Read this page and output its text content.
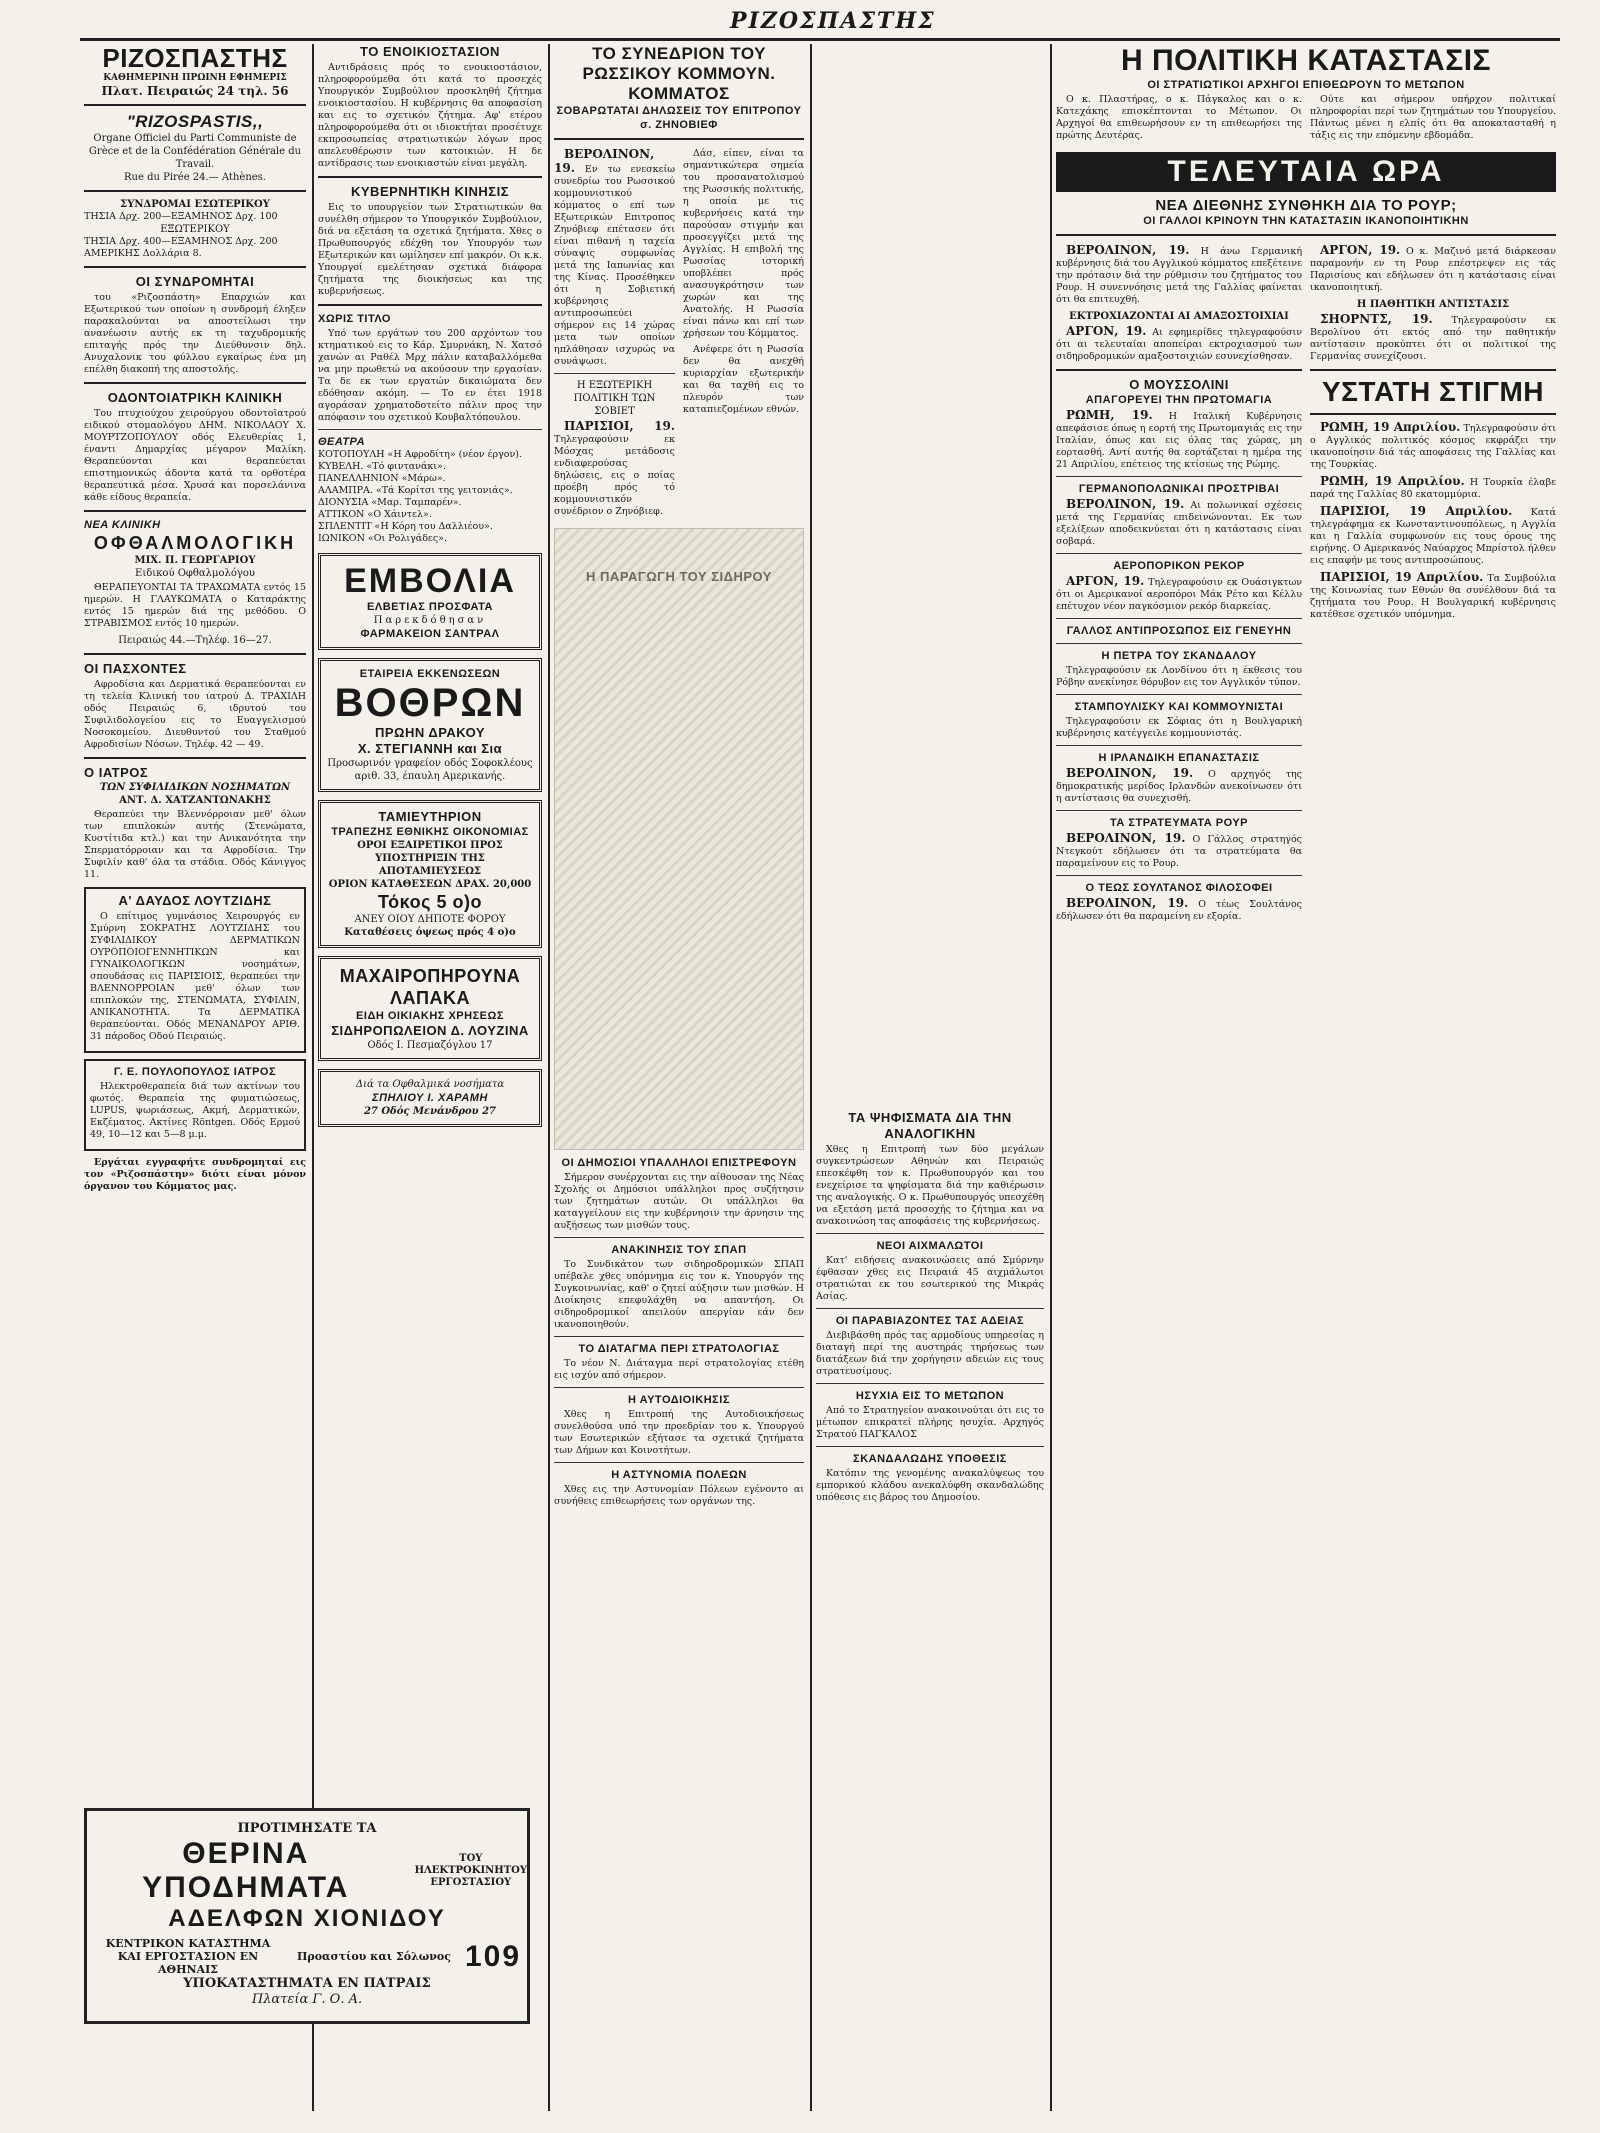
ΡΙΖΟΣΠΑΣΤΗΣ
ΡΙΖΟΣΠΑΣΤΗΣ
ΚΑΘΗΜΕΡΙΝΗ ΠΡΩΙΝΗ ΕΦΗΜΕΡΙΣ
Πλατ. Πειραιώς 24 τηλ. 56
"RIZOSPASTIS,,
Organe Officiel du Parti Communiste de Grèce et de la Confédération Générale du Travail.
Rue du Pirée 24.— Athènes.
ΣΥΝΔΡΟΜΑΙ ΕΣΩΤΕΡΙΚΟΥ
ΤΗΣΙΑ Δρχ. 200—ΕΞΑΜΗΝΟΣ Δρχ. 100
ΕΞΩΤΕΡΙΚΟΥ
ΤΗΣΙΑ Δρχ. 400—ΕΞΑΜΗΝΟΣ Δρχ. 200
ΑΜΕΡΙΚΗΣ Δολλάρια 8.
ΟΙ ΣΥΝΔΡΟΜΗΤΑΙ
του «Ριζοσπάστη» Επαρχιών και Εξωτερικού των οποίων η συνδρομή έληξεν παρακαλούνται να αποστείλωσι την ανανέωσιν αυτής εκ τη ταχυδρομικής επιταγής πρός την Διεύθυνσιν δηλ. Ανυχαλονικ του φύλλου εγκαίρως ένα μη επέλθη διακοπή της αποστολής.
ΟΔΟΝΤΟΙΑΤΡΙΚΗ ΚΛΙΝΙΚΗ
Του πτυχιούχου χειρούργου οδοντοϊατρού ειδικού στομαολόγου ΔΗΜ. ΝΙΚΟΛΑΟΥ Χ. ΜΟΥΡΤΖΟΠΟΥΛΟΥ οδός Ελευθερίας 1, έναντι Δημαρχίας μέγαρον Μαλίκη. Θεραπεύονται και θεραπεύεται επιστημονικώς άδοντα κατά τα ορθοτέρα θεραπευτικά μέσα. Χρυσά και πορσελάνινα κάθε είδους θεραπεία.
ΝΕΑ ΚΛΙΝΙΚΗ
ΟΦΘΑΛΜΟΛΟΓΙΚΗ
ΜΙΧ. Π. ΓΕΩΡΓΑΡΙΟΥ
Ειδικού Οφθαλμολόγου
ΘΕΡΑΠΕΥΟΝΤΑΙ ΤΑ ΤΡΑΧΩΜΑΤΑ εντός 15 ημερών. Η ΓΛΑΥΚΩΜΑΤΑ ο Καταράκτης εντός 15 ημερών διά της μεθόδου. Ο ΣΤΡΑΒΙΣΜΟΣ εντός 10 ημερών.
Πειραιώς 44.—Τηλέφ. 16—27.
ΟΙ ΠΑΣΧΟΝΤΕΣ
Αφροδίσια και Δερματικά θεραπεύονται εν τη τελεία Κλινική του ιατρού Δ. ΤΡΑΧΙΛΗ οδός Πειραιώς 6, ιδρυτού του Συφιλιδολογείου εις το Ευαγγελισμού Νοσοκομείου. Διευθυντού του Σταθμού Αφροδισίων Νόσων. Τηλέφ. 42 — 49.
Ο ΙΑΤΡΟΣ
ΤΩΝ ΣΥΦΙΛΙΔΙΚΩΝ ΝΟΣΗΜΑΤΩΝ
ΑΝΤ. Δ. ΧΑΤΖΑΝΤΩΝΑΚΗΣ
Θεραπεύει την Βλεννόρροιαν μεθ' όλων των επιπλοκών αυτής (Στενώματα, Κυστίτιδα κτλ.) και την Ανικανότητα την Σπερματόρροιαν και τα Αφροδίσια. Την Συφιλίν καθ' όλα τα στάδια. Οδός Κάνιγγος 11.
Α' ΔΑΥΔΟΣ ΛΟΥΤΖΙΔΗΣ
Ο επίτιμος γυμνάσιος Χειρουργός εν Σμύρνη ΣΟΚΡΑΤΗΣ ΛΟΥΤΖΙΔΗΣ του ΣΥΦΙΛΙΔΙΚΟΥ ΔΕΡΜΑΤΙΚΩΝ ΟΥΡΟΠΟΙΟΓΕΝΝΗΤΙΚΩΝ και ΓΥΝΑΙΚΟΛΟΓΙΚΩΝ νοσημάτων, σπουδάσας εις ΠΑΡΙΣΙΟΙΣ, θεραπεύει την ΒΛΕΝΝΟΡΡΟΙΑΝ μεθ' όλων των επιπλοκών της, ΣΤΕΝΩΜΑΤΑ, ΣΥΦΙΛΙΝ, ΑΝΙΚΑΝΟΤΗΤΑ. Τα ΔΕΡΜΑΤΙΚΑ θεραπεύονται. Οδός ΜΕΝΑΝΔΡΟΥ ΑΡΙΘ. 31 πάροδος Οδού Πειραιώς.
Γ. Ε. ΠΟΥΛΟΠΟΥΛΟΣ ΙΑΤΡΟΣ
Ηλεκτροθεραπεία διά των ακτίνων του φωτός. Θεραπεία της φυματιώσεως, LUPUS, ψωριάσεως, Ακμή, Δερματικών, Εκζέματος. Ακτίνες Röntgen. Οδός Ερμού 49, 10—12 και 5—8 μ.μ.
Εργάται εγγραφήτε συνδρομηταί εις τον «Ριζοσπάστην» διότι είναι μόνον όργανον του Κόμματος μας.
ΤΟ ΕΝΟΙΚΙΟΣΤΑΣΙΟΝ
Αντιδράσεις πρός το ενοικιοστάσιον, πληροφορούμεθα ότι κατά το προσεχές Υπουργικόν Συμβούλιον προσκληθή ζήτημα ενοικιοστασίου. Η κυβέρνησις θα αποφασίση και εις το σχετικόν ζήτημα. Αφ' ετέρου πληροφορούμεθα ότι οι ιδιοκτήται προσέτυχε εκπροσωπείας στρατιωτικών λόγων προς απελευθέρωσιν των κατοικιών. Η δε αντίδρασις των ενοικιαστών είναι μεγάλη.
ΚΥΒΕΡΝΗΤΙΚΗ ΚΙΝΗΣΙΣ
Εις το υπουργείον των Στρατιωτικών θα συνέλθη σήμερον το Υπουργικόν Συμβούλιον, διά να εξετάση τα σχετικά ζητήματα. Χθες ο Πρωθυπουργός εδέχθη τον Υπουργόν των Εξωτερικών και ωμίλησεν επί μακρόν. Οι κ.κ. Υπουργοί εμελέτησαν σχετικά διάφορα ζητήματα της διοικήσεως και της κυβερνήσεως.
ΧΩΡΙΣ ΤΙΤΛΟ
Υπό των εργάτων του 200 αρχόντων του κτηματικού εις το Κάρ. Σμυρνάκη, Ν. Χατσό χανών αι Ραθέλ Μρχ πάλιν καταβαλλόμεθα να μην πρωθετώ να ακούσουν την εργασίαν. Τα δε εκ των εργατών δικαιώματα δεν εδόθησαν ακόμη. — Το εν έτει 1918 αγοράσαν χρηματοδοτείτο πάλιν προς την απόφασιν του σχετικού Κουβαλτόπουλου.
ΘΕΑΤΡΑ
ΚΟΤΟΠΟΥΛΗ «Η Αφροδίτη» (νέον έργον).
ΚΥΒΕΛΗ. «Τό φιντανάκι».
ΠΑΝΕΛΛΗΝΙΟΝ «Μάρω».
ΑΛΑΜΠΡΑ. «Τά Κορίτσι της γειτονιάς».
ΔΙΟΝΥΣΙΑ «Μαρ. Ταμπαρέν».
ΑΤΤΙΚΟΝ «Ο Χάιντελ».
ΣΠΛΕΝΤΙΤ «Η Κόρη του Δαλλιέου».
ΙΩΝΙΚΟΝ «Οι Ρολιγάδες».
ΕΜΒΟΛΙΑ
ΕΛΒΕΤΙΑΣ ΠΡΟΣΦΑΤΑ
Παρεκδόθησαν
ΦΑΡΜΑΚΕΙΟΝ ΣΑΝΤΡΑΛ
ΕΤΑΙΡΕΙΑ ΕΚΚΕΝΩΣΕΩΝ
ΒΟΘΡΩΝ
ΠΡΩΗΝ ΔΡΑΚΟΥ
Χ. ΣΤΕΓΙΑΝΝΗ και Σια
Προσωρινόν γραφείον οδός Σοφοκλέους αριθ. 33, έπαυλη Αμερικανής.
ΤΑΜΙΕΥΤΗΡΙΟΝ
ΤΡΑΠΕΖΗΣ ΕΘΝΙΚΗΣ ΟΙΚΟΝΟΜΙΑΣ
ΟΡΟΙ ΕΞΑΙΡΕΤΙΚΟΙ ΠΡΟΣ ΥΠΟΣΤΗΡΙΞΙΝ ΤΗΣ ΑΠΟΤΑΜΙΕΥΣΕΩΣ
ΟΡΙΟΝ ΚΑΤΑΘΕΣΕΩΝ ΔΡΑΧ. 20,000
Τόκος 5 ο)ο
ΑΝΕΥ ΟΙΟΥ ΔΗΠΟΤΕ ΦΟΡΟΥ
Καταθέσεις όψεως πρός 4 ο)ο
ΜΑΧΑΙΡΟΠΗΡΟΥΝΑ ΛΑΠΑΚΑ
ΕΙΔΗ ΟΙΚΙΑΚΗΣ ΧΡΗΣΕΩΣ
ΣΙΔΗΡΟΠΩΛΕΙΟΝ Δ. ΛΟΥΖΙΝΑ
Οδός Ι. Πεσμαζόγλου 17
Διά τα Οφθαλμικά νοσήματα
ΣΠΗΛΙΟΥ Ι. ΧΑΡΑΜΗ
27 Οδός Μενάνδρου 27
ΤΟ ΣΥΝΕΔΡΙΟΝ ΤΟΥ ΡΩΣΣΙΚΟΥ ΚΟΜΜΟΥΝ. ΚΟΜΜΑΤΟΣ
ΣΟΒΑΡΩΤΑΤΑΙ ΔΗΛΩΣΕΙΣ ΤΟΥ ΕΠΙΤΡΟΠΟΥ σ. ΖΗΝΟΒΙΕΦ
ΒΕΡΟΛΙΝΟΝ, 19. Εν τω ενεσκείω συνεδρίω του Ρωσσικού κομμουνιστικού κόμματος ο επί των Εξωτερικών Επιτροπος Ζηνόβιεφ επέτασεν ότι είναι πιθανή η ταχεία σύναψις συμφωνίας μετά της Ιαπωνίας και της Κίνας. Προσέθηκεν ότι η Σοβιετική κυβέρνησις αντιπροσωπεύει σήμερον εις 14 χώρας μετα των οποίων ηπλάθησαν ισχυρώς να συνάψωσι.
Η ΕΞΩΤΕΡΙΚΗ ΠΟΛΙΤΙΚΗ ΤΩΝ ΣΟΒΙΕΤ
ΠΑΡΙΣΙΟΙ, 19. Τηλεγραφούσιν εκ Μόσχας μετάδοσις ενδιαφερούσας δηλώσεις, εις ο ποίας προέβη πρός τό κομμουνιστικόν συνέδριον ο Ζηνόβιεφ.
Δάσ, είπεν, είναι τα σημαντικώτερα σημεία του προσανατολισμού της Ρωσσικής πολιτικής, η οποία με τις κυβερνήσεις κατά την παρούσαν στιγμήν και προσεγγίζει μετά της Αγγλίας. Η επιβολή της Ρωσσίας ιστορική υποβλέπει πρός ανασυγκρότησιν των χωρών και της Ανατολής. Η Ρωσσία είναι πάνω και επί των χρήσεων του Κόμματος.
Ανέφερε ότι η Ρωσσία δεν θα ανεχθή κυριαρχίαν εξωτερικήν και θα ταχθή εις το πλευρόν των καταπιεζομένων εθνών.
Η ΠΑΡΑΓΩΓΗ ΤΟΥ ΣΙΔΗΡΟΥ
ΟΙ ΔΗΜΟΣΙΟΙ ΥΠΑΛΛΗΛΟΙ ΕΠΙΣΤΡΕΦΟΥΝ
Σήμερον συνέρχονται εις την αίθουσαν της Νέας Σχολής οι Δημόσιοι υπάλληλοι προς συζήτησιν των ζητημάτων αυτών. Οι υπάλληλοι θα καταγγείλουν εις την κυβέρνησιν την άρνησιν της αυξήσεως των μισθών τους.
ΑΝΑΚΙΝΗΣΙΣ ΤΟΥ ΣΠΑΠ
Το Συνδικάτον των σιδηροδρομικών ΣΠΑΠ υπέβαλε χθες υπόμνημα εις τον κ. Υπουργόν της Συγκοινωνίας, καθ' ο ζητεί αύξησιν των μισθών. Η Διοίκησις επεφυλάχθη να απαντήση. Οι σιδηροδρομικοί απειλούν απεργίαν εάν δεν ικανοποιηθούν.
ΤΟ ΔΙΑΤΑΓΜΑ ΠΕΡΙ ΣΤΡΑΤΟΛΟΓΙΑΣ
Το νέον Ν. Διάταγμα περί στρατολογίας ετέθη εις ισχύν από σήμερον.
Η ΑΥΤΟΔΙΟΙΚΗΣΙΣ
Χθες η Επιτροπή της Αυτοδιοικήσεως συνελθούσα υπό την προεδρίαν του κ. Υπουργού των Εσωτερικών εξήτασε τα σχετικά ζητήματα των Δήμων και Κοινοτήτων.
Η ΑΣΤΥΝΟΜΙΑ ΠΟΛΕΩΝ
Χθες εις την Αστυνομίαν Πόλεων εγένοντο αι συνήθεις επιθεωρήσεις των οργάνων της.
ΤΑ ΨΗΦΙΣΜΑΤΑ ΔΙΑ ΤΗΝ ΑΝΑΛΟΓΙΚΗΝ
Χθες η Επιτροπή των δύο μεγάλων συγκεντρώσεων Αθηνών και Πειραιώς επεσκέφθη τον κ. Πρωθυπουργόν και του ενεχείρισε τα ψηφίσματα διά την καθιέρωσιν της αναλογικής. Ο κ. Πρωθυπουργός υπεσχέθη να εξετάση μετά προσοχής το ζήτημα και να ανακοινώση τας αποφάσεις της κυβερνήσεως.
ΝΕΟΙ ΑΙΧΜΑΛΩΤΟΙ
Κατ' ειδήσεις ανακοινώσεις από Σμύρνην έφθασαν χθες εις Πειραιά 45 αιχμάλωτοι στρατιώται εκ του εσωτερικού της Μικράς Ασίας.
ΟΙ ΠΑΡΑΒΙΑΖΟΝΤΕΣ ΤΑΣ ΑΔΕΙΑΣ
Διεβιβάσθη πρός τας αρμοδίους υπηρεσίας η διαταγή περί της αυστηράς τηρήσεως των διατάξεων διά την χορήγησιν αδειών εις τους στρατευσίμους.
ΗΣΥΧΙΑ ΕΙΣ ΤΟ ΜΕΤΩΠΟΝ
Από το Στρατηγείον ανακοινούται ότι εις το μέτωπον επικρατεί πλήρης ησυχία. Αρχηγός Στρατού ΠΑΓΚΑΛΟΣ
ΣΚΑΝΔΑΛΩΔΗΣ ΥΠΟΘΕΣΙΣ
Κατόπιν της γενομένης ανακαλύψεως του εμπορικού κλάδου ανεκαλύφθη σκανδαλώδης υπόθεσις εις βάρος του Δημοσίου.
Η ΠΟΛΙΤΙΚΗ ΚΑΤΑΣΤΑΣΙΣ
ΟΙ ΣΤΡΑΤΙΩΤΙΚΟΙ ΑΡΧΗΓΟΙ ΕΠΙΘΕΩΡΟΥΝ ΤΟ ΜΕΤΩΠΟΝ
Ο κ. Πλαστήρας, ο κ. Πάγκαλος και ο κ. Κατεχάκης επισκέπτονται το Μέτωπον. Οι Αρχηγοί θα επιθεωρήσουν εν τη επιθεωρήσει της πρώτης Δευτέρας.
Ούτε και σήμερον υπήρχον πολιτικαί πληροφορίαι περί των ζητημάτων του Υπουργείου. Πάντως μένει η ελπίς ότι θα αποκατασταθή η τάξις εις την επόμενην εβδομάδα.
ΤΕΛΕΥΤΑΙΑ ΩΡΑ
ΝΕΑ ΔΙΕΘΝΗΣ ΣΥΝΘΗΚΗ ΔΙΑ ΤΟ ΡΟΥΡ;
ΟΙ ΓΑΛΛΟΙ ΚΡΙΝΟΥΝ ΤΗΝ ΚΑΤΑΣΤΑΣΙΝ ΙΚΑΝΟΠΟΙΗΤΙΚΗΝ
ΒΕΡΟΛΙΝΟΝ, 19. Η άνω Γερμανική κυβέρνησις διά του Αγγλικού κόμματος επεξέτεινε την πρότασιν διά την ρύθμισιν του ζητήματος του Ρουρ. Η συνεννόησις μετά της Γαλλίας φαίνεται ότι θα επιτευχθή.
ΕΚΤΡΟΧΙΑΖΟΝΤΑΙ ΑΙ ΑΜΑΞΟΣΤΟΙΧΙΑΙ
ΑΡΓΟΝ, 19. Αι εφημερίδες τηλεγραφούσιν ότι αι τελευταίαι αποπείραι εκτροχιασμού των σιδηροδρομικών αμαξοστοιχιών εσυνεχίσθησαν.
Ο ΜΟΥΣΣΟΛΙΝΙ
ΑΠΑΓΟΡΕΥΕΙ ΤΗΝ ΠΡΩΤΟΜΑΓΙΑ
ΡΩΜΗ, 19. Η Ιταλική Κυβέρνησις απεφάσισε όπως η εορτή της Πρωτομαγιάς εις την Ιταλίαν, όπως και εις όλας τας χώρας, μη εορτασθή. Αντί αυτής θα εορτάζεται η ημέρα της 21 Απριλίου, επέτειος της κτίσεως της Ρώμης.
ΓΕΡΜΑΝΟΠΟΛΩΝΙΚΑΙ ΠΡΟΣΤΡΙΒΑΙ
ΒΕΡΟΛΙΝΟΝ, 19. Αι πολωνικαί σχέσεις μετά της Γερμανίας επιδεινώνονται. Εκ των εξελίξεων αποδεικνύεται ότι η κατάστασις είναι σοβαρά.
ΑΕΡΟΠΟΡΙΚΟΝ ΡΕΚΟΡ
ΑΡΓΟΝ, 19. Τηλεγραφούσιν εκ Ουάσιγκτων ότι οι Αμερικανοί αεροπόροι Μάκ Ρέτο και Κέλλυ επέτυχον νέον παγκόσμιον ρεκόρ διαρκείας.
ΓΑΛΛΟΣ ΑΝΤΙΠΡΟΣΩΠΟΣ ΕΙΣ ΓΕΝΕΥΗΝ
Η ΠΕΤΡΑ ΤΟΥ ΣΚΑΝΔΑΛΟΥ
Τηλεγραφούσιν εκ Λονδίνου ότι η έκθεσις του Ρόβην ανεκίνησε θόρυβον εις τον Αγγλικόν τύπον.
ΣΤΑΜΠΟΥΛΙΣΚΥ ΚΑΙ ΚΟΜΜΟΥΝΙΣΤΑΙ
Τηλεγραφούσιν εκ Σόφιας ότι η Βουλγαρική κυβέρνησις κατέγγειλε κομμουνιστάς.
Η ΙΡΛΑΝΔΙΚΗ ΕΠΑΝΑΣΤΑΣΙΣ
ΒΕΡΟΛΙΝΟΝ, 19. Ο αρχηγός της δημοκρατικής μερίδος Ιρλανδών ανεκοίνωσεν ότι η αντίστασις θα συνεχισθή.
ΤΑ ΣΤΡΑΤΕΥΜΑΤΑ ΡΟΥΡ
ΒΕΡΟΛΙΝΟΝ, 19. Ο Γάλλος στρατηγός Ντεγκούτ εδήλωσεν ότι τα στρατεύματα θα παραμείνουν εις το Ρουρ.
Ο ΤΕΩΣ ΣΟΥΛΤΑΝΟΣ ΦΙΛΟΣΟΦΕΙ
ΒΕΡΟΛΙΝΟΝ, 19. Ο τέως Σουλτάνος εδήλωσεν ότι θα παραμείνη εν εξορία.
ΑΡΓΟΝ, 19. Ο κ. Μαζινό μετά διάρκεσαν παραμονήν εν τη Ρουρ επέστρεψεν εις τάς Παρισίους και εδήλωσεν ότι η κατάστασις είναι ικανοποιητική.
Η ΠΑΘΗΤΙΚΗ ΑΝΤΙΣΤΑΣΙΣ
ΣΗΟΡΝΤΣ, 19. Τηλεγραφούσιν εκ Βερολίνου ότι εκτός από την παθητικήν αντίστασιν προκύπτει ότι οι πολιτικοί της Γερμανίας συνεχίζουσι.
ΥΣΤΑΤΗ ΣΤΙΓΜΗ
ΡΩΜΗ, 19 Απριλίου. Τηλεγραφούσιν ότι ο Αγγλικός πολιτικός κόσμος εκφράζει την ικανοποίησιν διά τάς αποφάσεις της Γαλλίας και της Τουρκίας.
ΡΩΜΗ, 19 Απριλίου. Η Τουρκία έλαβε παρά της Γαλλίας 80 εκατομμύρια.
ΠΑΡΙΣΙΟΙ, 19 Απριλίου. Κατά τηλεγράφημα εκ Κωνσταντινουπόλεως, η Αγγλία και η Γαλλία συμφωνούν εις τους όρους της ειρήνης. Ο Αμερικανός Ναύαρχος Μπρίστολ ήλθεν εις επαφήν με τους αντιπροσώπους.
ΠΑΡΙΣΙΟΙ, 19 Απριλίου. Τα Συμβούλια της Κοινωνίας των Εθνών θα συνέλθουν διά τα ζητήματα του Ρουρ. Η Βουλγαρική κυβέρνησις κατέθεσε σχετικόν υπόμνημα.
ΠΡΟΤΙΜΗΣΑΤΕ ΤΑ
ΘΕΡΙΝΑ ΥΠΟΔΗΜΑΤΑ
ΤΟΥ ΗΛΕΚΤΡΟΚΙΝΗΤΟΥ ΕΡΓΟΣΤΑΣΙΟΥ
ΑΔΕΛΦΩΝ ΧΙΟΝΙΔΟΥ
ΚΕΝΤΡΙΚΟΝ ΚΑΤΑΣΤΗΜΑ ΚΑΙ ΕΡΓΟΣΤΑΣΙΟΝ ΕΝ ΑΘΗΝΑΙΣ
Προαστίου και Σόλωνος 109
ΥΠΟΚΑΤΑΣΤΗΜΑΤΑ ΕΝ ΠΑΤΡΑΙΣ
Πλατεία Γ. Ο. Α.
